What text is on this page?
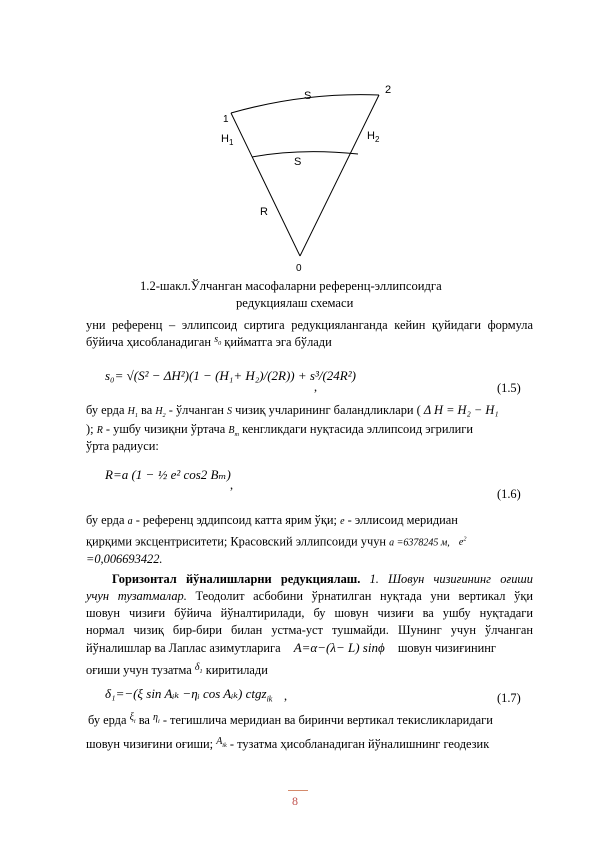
S	2
1
$H_1$
$H_2$
S
R
0
1.2-шакл.Ўлчанган масофаларни референц-эллипсоидга
редукциялаш схемаси
уни референц – эллипсоид сиртига редукцияланганда кейин қуйидаги формула
бўйича ҳисобланадиган $^{s_0}$ қийматга эга бўлади
s₀= √(S² − ΔH²)(1 − (H₁+ H₂)/(2R)) + s³/(24R²)
,	(1.5)
бу ерда $H_1$ ва $H_2$ - ўлчанган S чизиқ учларининг баландликлари ( Δ H = H₂ − H₁
); R - ушбу чизиқни ўртача $B_m$ кенгликдаги нуқтасида эллипсоид эгрилиги
ўрта радиуси:
R=a (1 − ½ e² cos2 Bₘ)
,
(1.6)
бу ерда a - референц эддипсоид катта ярим ўқи; e - эллисоид меридиан
қирқими эксцентриситети; Красовский эллипсоиди учун a =6378245 м, $e^2$
=0,006693422.
Горизонтал йўналишларни редукциялаш. 1. Шовун чизиғининг оғиши
учун тузатмалар. Теодолит асбобини ўрнатилган нуқтада уни вертикал ўқи
шовун чизиғи бўйича йўналтирилади, бу шовун чизиғи ва ушбу нуқтадаги
нормал чизиқ бир-бири билан устма-уст тушмайди. Шунинг учун ўлчанган
йўналишлар ва Лаплас азимутларига A=α−(λ− L) sinϕ шовун чизиғининг
оғиши учун тузатма $^{\delta_1}$ киритилади
δ₁=−(ξ sin Aᵢₖ −ηᵢ cos Aᵢₖ) ctgz$_{ik}$ ,	(1.7)
бу ерда $^{\xi_i}$ ва $^{\eta_i}$ - тегишлича меридиан ва биринчи вертикал текисликларидаги
шовун чизиғини оғиши; $^{A_{ik}}$ - тузатма ҳисобланадиган йўналишнинг геодезик
8
